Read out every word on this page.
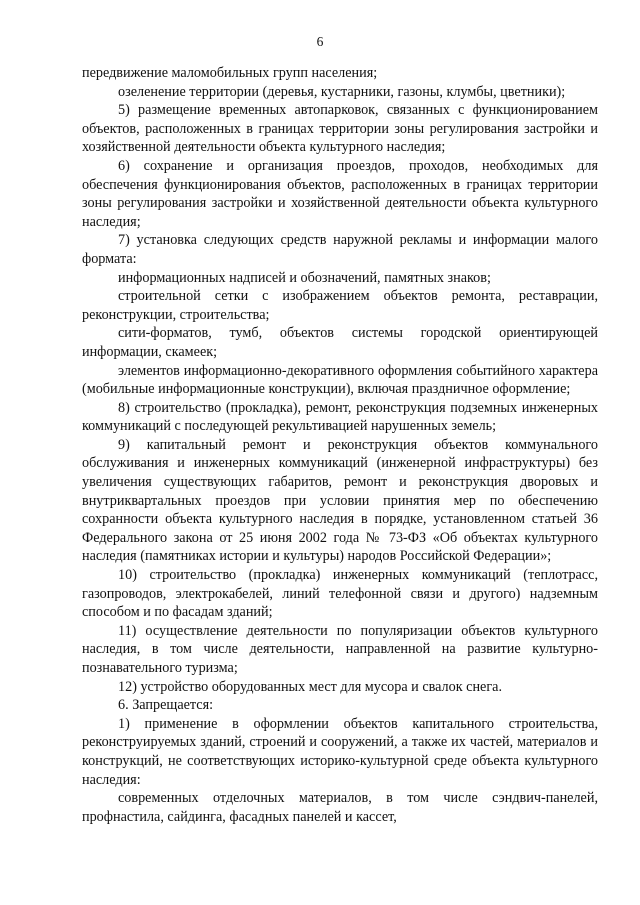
6

передвижение маломобильных групп населения;

озеленение территории (деревья, кустарники, газоны, клумбы, цветники);

5) размещение временных автопарковок, связанных с функционированием объектов, расположенных в границах территории зоны регулирования застройки и хозяйственной деятельности объекта культурного наследия;

6) сохранение и организация проездов, проходов, необходимых для обеспечения функционирования объектов, расположенных в границах территории зоны регулирования застройки и хозяйственной деятельности объекта культурного наследия;

7) установка следующих средств наружной рекламы и информации малого формата:

информационных надписей и обозначений, памятных знаков;

строительной сетки с изображением объектов ремонта, реставрации, реконструкции, строительства;

сити-форматов, тумб, объектов системы городской ориентирующей информации, скамеек;

элементов информационно-декоративного оформления событийного характера (мобильные информационные конструкции), включая праздничное оформление;

8) строительство (прокладка), ремонт, реконструкция подземных инженерных коммуникаций с последующей рекультивацией нарушенных земель;

9) капитальный ремонт и реконструкция объектов коммунального обслуживания и инженерных коммуникаций (инженерной инфраструктуры) без увеличения существующих габаритов, ремонт и реконструкция дворовых и внутриквартальных проездов при условии принятия мер по обеспечению сохранности объекта культурного наследия в порядке, установленном статьей 36 Федерального закона от 25 июня 2002 года № 73-ФЗ «Об объектах культурного наследия (памятниках истории и культуры) народов Российской Федерации»;

10) строительство (прокладка) инженерных коммуникаций (теплотрасс, газопроводов, электрокабелей, линий телефонной связи и другого) надземным способом и по фасадам зданий;

11) осуществление деятельности по популяризации объектов культурного наследия, в том числе деятельности, направленной на развитие культурно-познавательного туризма;

12) устройство оборудованных мест для мусора и свалок снега.

6. Запрещается:

1) применение в оформлении объектов капитального строительства, реконструируемых зданий, строений и сооружений, а также их частей, материалов и конструкций, не соответствующих историко-культурной среде объекта культурного наследия:

современных отделочных материалов, в том числе сэндвич-панелей, профнастила, сайдинга, фасадных панелей и кассет,
